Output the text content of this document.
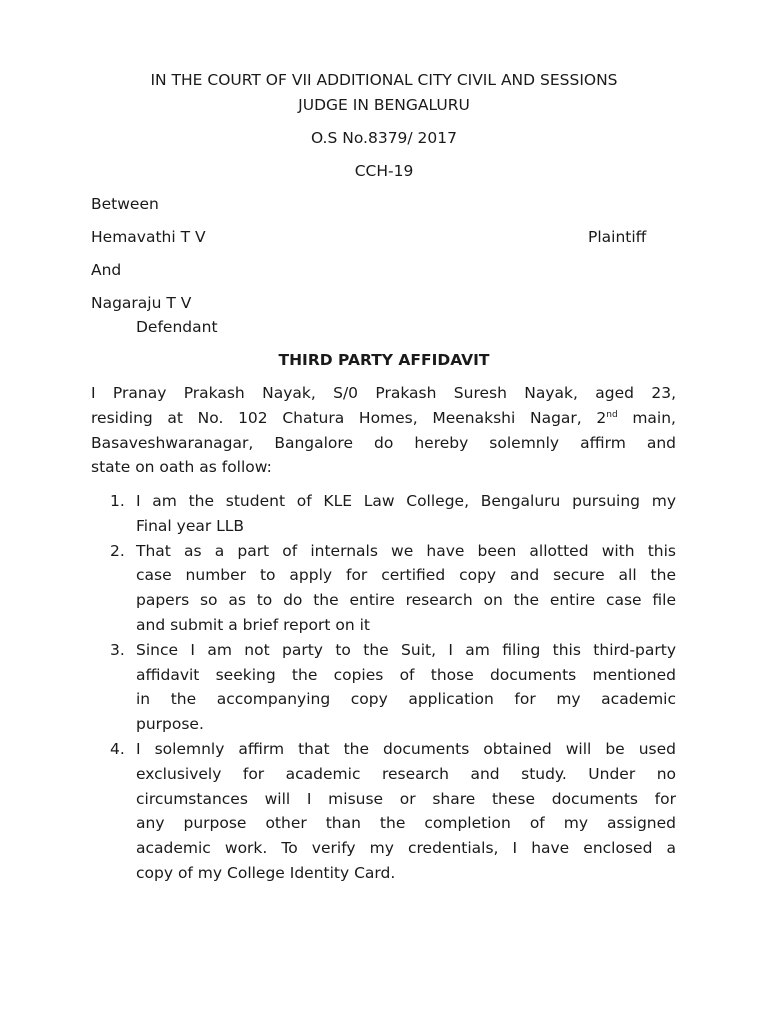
IN THE COURT OF VII ADDITIONAL CITY CIVIL AND SESSIONS
JUDGE IN BENGALURU
O.S No.8379/ 2017
CCH-19
Between
Hemavathi T V	Plaintiff
And
Nagaraju T V
Defendant
THIRD PARTY AFFIDAVIT
I Pranay Prakash Nayak, S/0 Prakash Suresh Nayak, aged 23,
residing at No. 102 Chatura Homes, Meenakshi Nagar, 2nd main,
Basaveshwaranagar, Bangalore do hereby solemnly affirm and
state on oath as follow:
1. I am the student of KLE Law College, Bengaluru pursuing my
Final year LLB
2. That as a part of internals we have been allotted with this
case number to apply for certified copy and secure all the
papers so as to do the entire research on the entire case file
and submit a brief report on it
3. Since I am not party to the Suit, I am filing this third-party
affidavit seeking the copies of those documents mentioned
in the accompanying copy application for my academic
purpose.
4. I solemnly affirm that the documents obtained will be used
exclusively for academic research and study. Under no
circumstances will I misuse or share these documents for
any purpose other than the completion of my assigned
academic work. To verify my credentials, I have enclosed a
copy of my College Identity Card.
